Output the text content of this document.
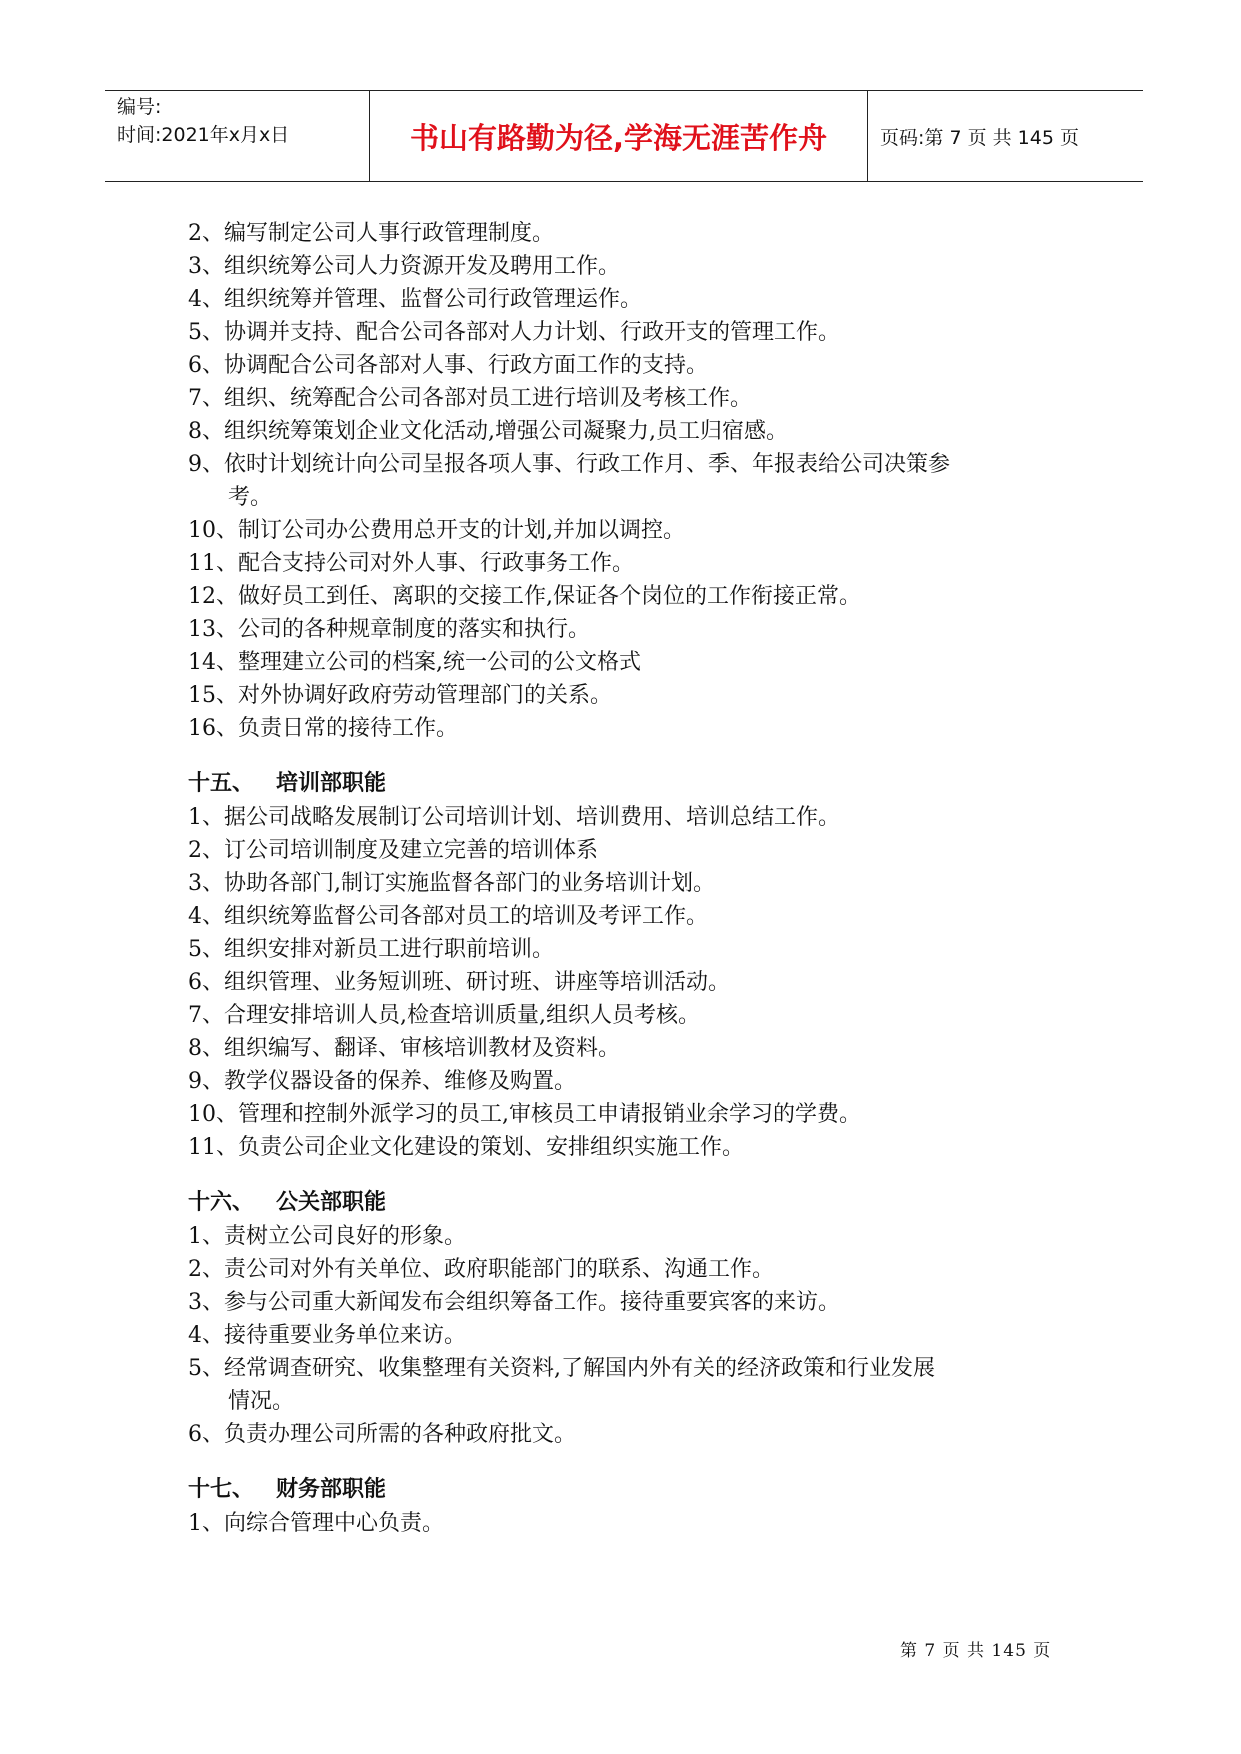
编号:
时间:2021年x月x日	书山有路勤为径,学海无涯苦作舟	页码:第 7 页 共 145 页
2、编写制定公司人事行政管理制度。
3、组织统筹公司人力资源开发及聘用工作。
4、组织统筹并管理、监督公司行政管理运作。
5、协调并支持、配合公司各部对人力计划、行政开支的管理工作。
6、协调配合公司各部对人事、行政方面工作的支持。
7、组织、统筹配合公司各部对员工进行培训及考核工作。
8、组织统筹策划企业文化活动,增强公司凝聚力,员工归宿感。
9、依时计划统计向公司呈报各项人事、行政工作月、季、年报表给公司决策参
考。
10、制订公司办公费用总开支的计划,并加以调控。
11、配合支持公司对外人事、行政事务工作。
12、做好员工到任、离职的交接工作,保证各个岗位的工作衔接正常。
13、公司的各种规章制度的落实和执行。
14、整理建立公司的档案,统一公司的公文格式
15、对外协调好政府劳动管理部门的关系。
16、负责日常的接待工作。
十五、 培训部职能
1、据公司战略发展制订公司培训计划、培训费用、培训总结工作。
2、订公司培训制度及建立完善的培训体系
3、协助各部门,制订实施监督各部门的业务培训计划。
4、组织统筹监督公司各部对员工的培训及考评工作。
5、组织安排对新员工进行职前培训。
6、组织管理、业务短训班、研讨班、讲座等培训活动。
7、合理安排培训人员,检查培训质量,组织人员考核。
8、组织编写、翻译、审核培训教材及资料。
9、教学仪器设备的保养、维修及购置。
10、管理和控制外派学习的员工,审核员工申请报销业余学习的学费。
11、负责公司企业文化建设的策划、安排组织实施工作。
十六、 公关部职能
1、责树立公司良好的形象。
2、责公司对外有关单位、政府职能部门的联系、沟通工作。
3、参与公司重大新闻发布会组织筹备工作。接待重要宾客的来访。
4、接待重要业务单位来访。
5、经常调查研究、收集整理有关资料,了解国内外有关的经济政策和行业发展
情况。
6、负责办理公司所需的各种政府批文。
十七、 财务部职能
1、向综合管理中心负责。
第 7 页 共 145 页
